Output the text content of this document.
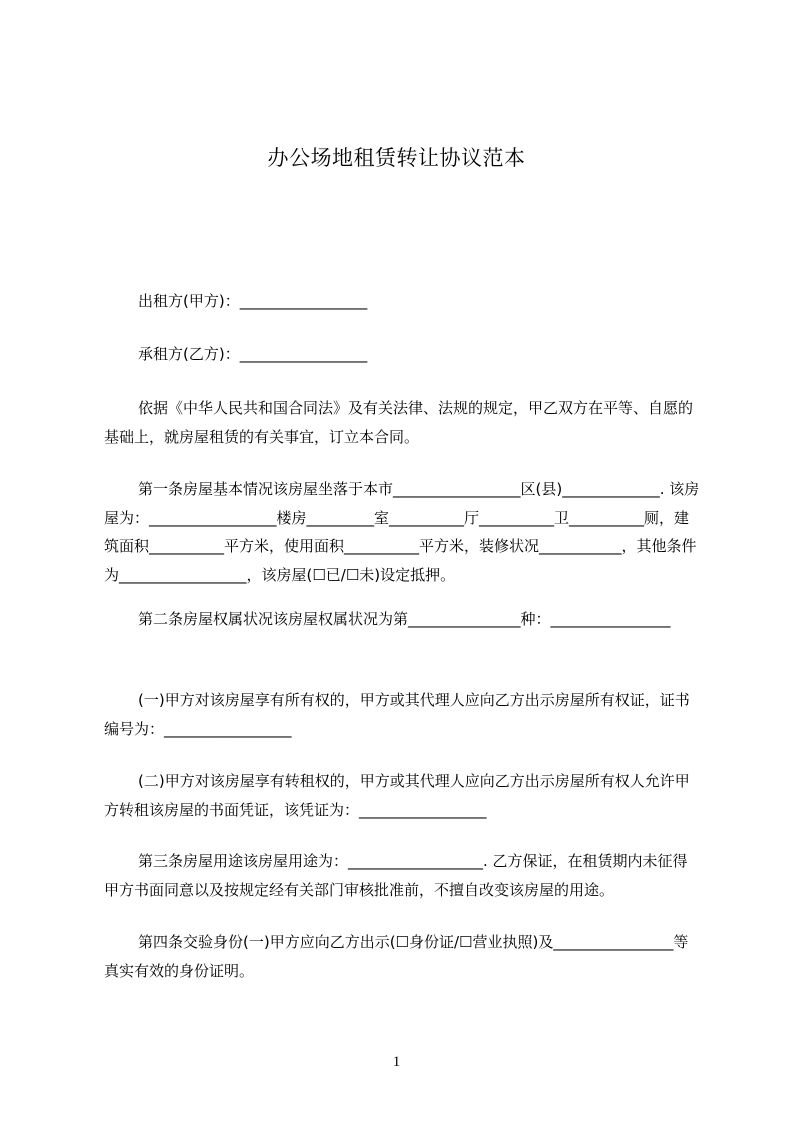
办公场地租赁转让协议范本

出租方(甲方)：_________________

承租方(乙方)：_________________

依据《中华人民共和国合同法》及有关法律、法规的规定，甲乙双方在平等、自愿的基础上，就房屋租赁的有关事宜，订立本合同。

第一条房屋基本情况该房屋坐落于本市_________________区(县)_____________. 该房屋为：_________________楼房_________室__________厅__________卫__________厕，建筑面积__________平方米，使用面积__________平方米，装修状况___________，其他条件为_________________，该房屋(☐已/☐未)设定抵押。

第二条房屋权属状况该房屋权属状况为第_______________种：________________

(一)甲方对该房屋享有所有权的，甲方或其代理人应向乙方出示房屋所有权证，证书编号为：_________________

(二)甲方对该房屋享有转租权的，甲方或其代理人应向乙方出示房屋所有权人允许甲方转租该房屋的书面凭证，该凭证为：_________________

第三条房屋用途该房屋用途为：__________________. 乙方保证，在租赁期内未征得甲方书面同意以及按规定经有关部门审核批准前，不擅自改变该房屋的用途。

第四条交验身份(一)甲方应向乙方出示(☐身份证/☐营业执照)及________________等真实有效的身份证明。

1
